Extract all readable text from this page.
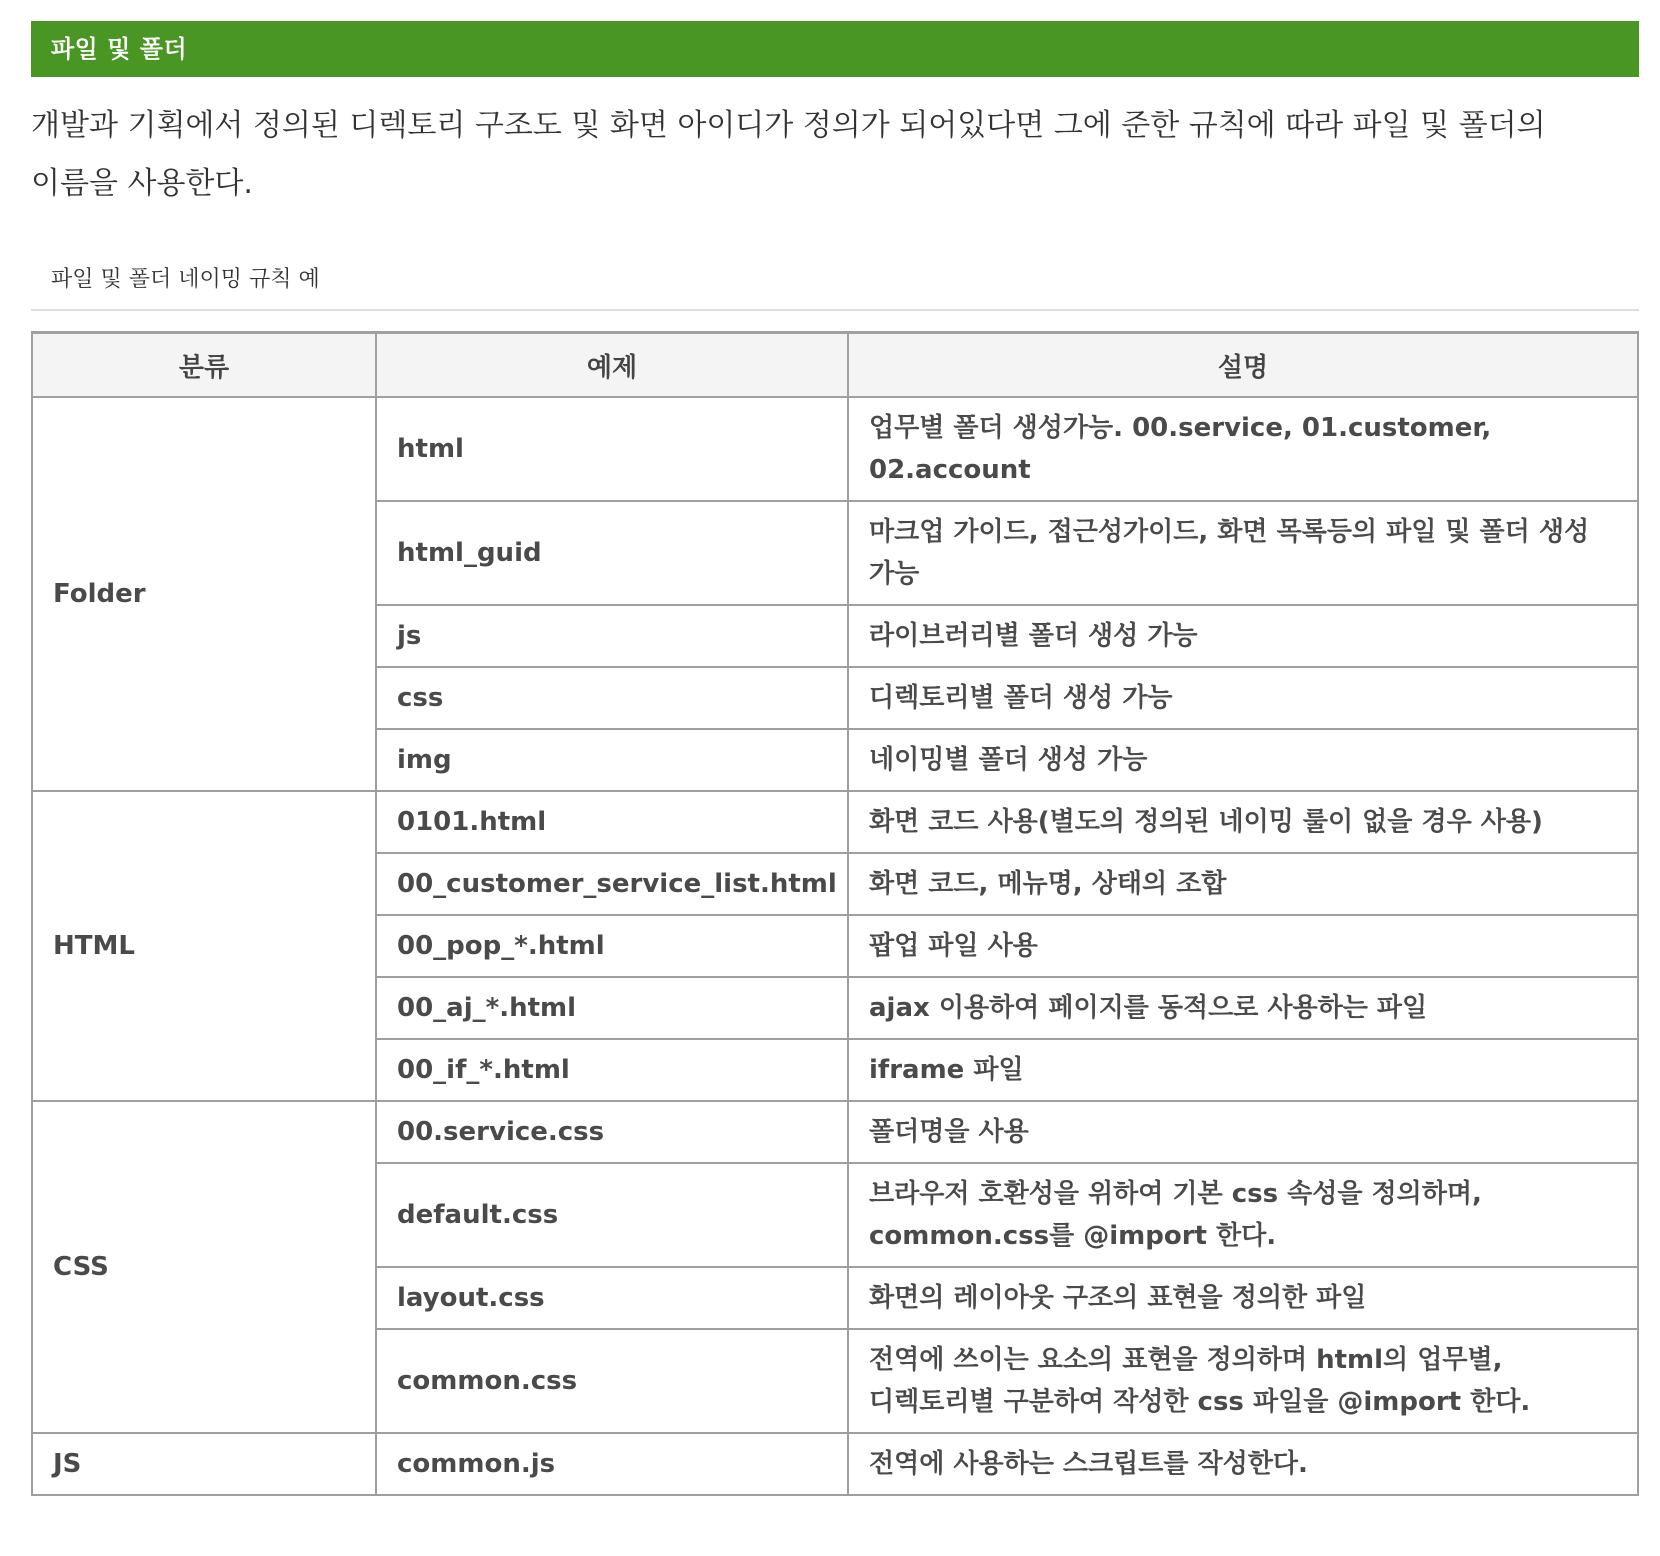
파일 및 폴더

개발과 기획에서 정의된 디렉토리 구조도 및 화면 아이디가 정의가 되어있다면 그에 준한 규칙에 따라 파일 및 폴더의 이름을 사용한다.

파일 및 폴더 네이밍 규칙 예
분류	예제	설명
Folder	html	업무별 폴더 생성가능. 00.service, 01.customer, 02.account
	html_guid	마크업 가이드, 접근성가이드, 화면 목록등의 파일 및 폴더 생성 가능
	js	라이브러리별 폴더 생성 가능
	css	디렉토리별 폴더 생성 가능
	img	네이밍별 폴더 생성 가능
HTML	0101.html	화면 코드 사용(별도의 정의된 네이밍 룰이 없을 경우 사용)
	00_customer_service_list.html	화면 코드, 메뉴명, 상태의 조합
	00_pop_*.html	팝업 파일 사용
	00_aj_*.html	ajax 이용하여 페이지를 동적으로 사용하는 파일
	00_if_*.html	iframe 파일
CSS	00.service.css	폴더명을 사용
	default.css	브라우저 호환성을 위하여 기본 css 속성을 정의하며, common.css를 @import 한다.
	layout.css	화면의 레이아웃 구조의 표현을 정의한 파일
	common.css	전역에 쓰이는 요소의 표현을 정의하며 html의 업무별, 디렉토리별 구분하여 작성한 css 파일을 @import 한다.
JS	common.js	전역에 사용하는 스크립트를 작성한다.
